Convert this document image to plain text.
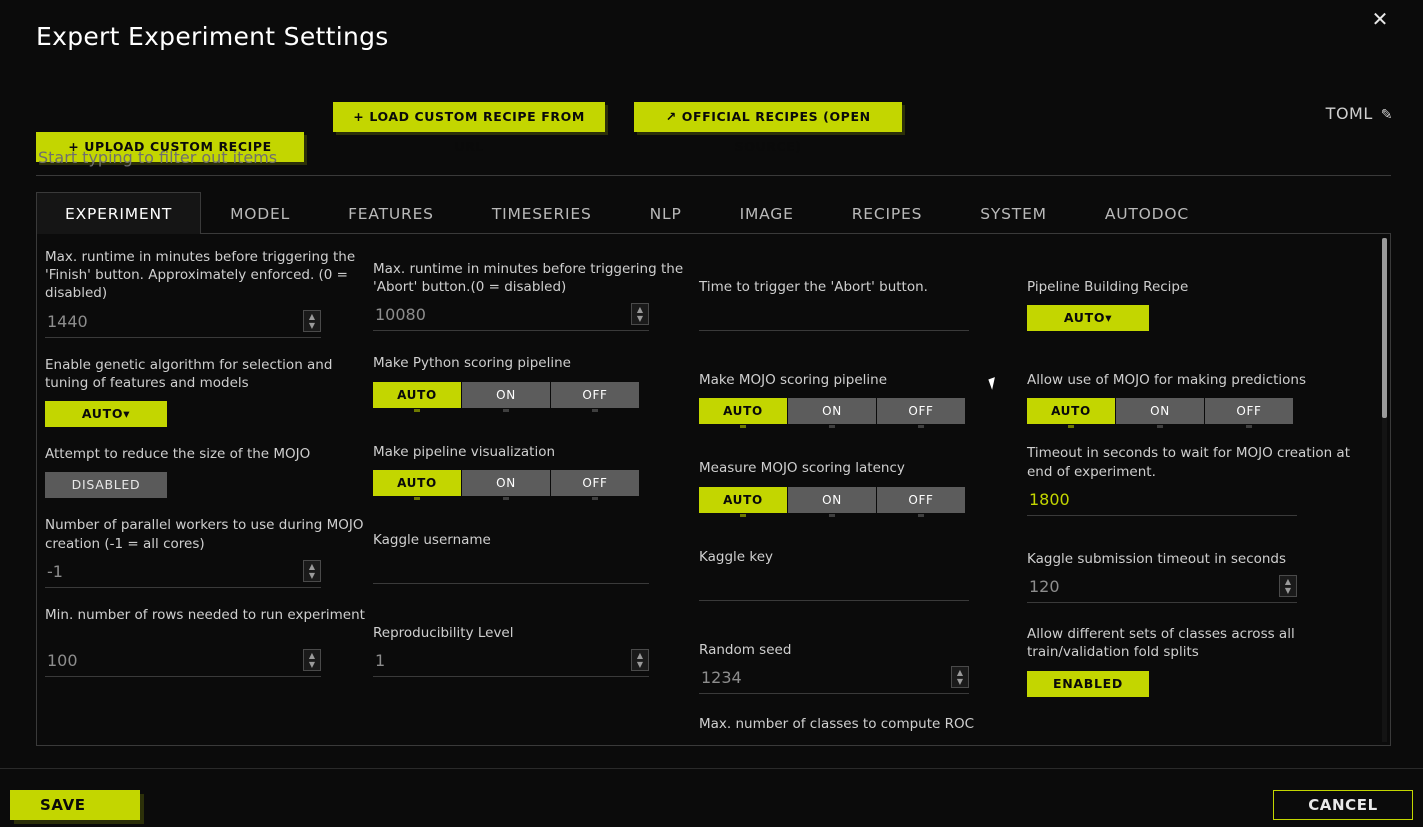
✕
Expert Experiment Settings
+ UPLOAD CUSTOM RECIPE + LOAD CUSTOM RECIPE FROM URL ↗ OFFICIAL RECIPES (OPEN SOURCE)
TOML ✎
Start typing to filter out items
EXPERIMENT	MODEL	FEATURES	TIMESERIES	NLP	IMAGE	RECIPES	SYSTEM	AUTODOC
Max. runtime in minutes before triggering the 'Finish' button. Approximately enforced. (0 = disabled)
1440
▲
▼
Enable genetic algorithm for selection and tuning of features and models
AUTO▾
Attempt to reduce the size of the MOJO
DISABLED
Number of parallel workers to use during MOJO creation (-1 = all cores)
-1
▲
▼
Min. number of rows needed to run experiment
100
▲
▼
Max. runtime in minutes before triggering the 'Abort' button.(0 = disabled)
10080
▲
▼
Make Python scoring pipeline
AUTO	ON	OFF
Make pipeline visualization
AUTO	ON	OFF
Kaggle username
Reproducibility Level
1
▲
▼
Time to trigger the 'Abort' button.
Make MOJO scoring pipeline
AUTO	ON	OFF
Measure MOJO scoring latency
AUTO	ON	OFF
Kaggle key
Random seed
1234
▲
▼
Max. number of classes to compute ROC
Pipeline Building Recipe
AUTO▾
Allow use of MOJO for making predictions
AUTO	ON	OFF
Timeout in seconds to wait for MOJO creation at end of experiment.
1800
Kaggle submission timeout in seconds
120
▲
▼
Allow different sets of classes across all train/validation fold splits
ENABLED
SAVE	CANCEL
